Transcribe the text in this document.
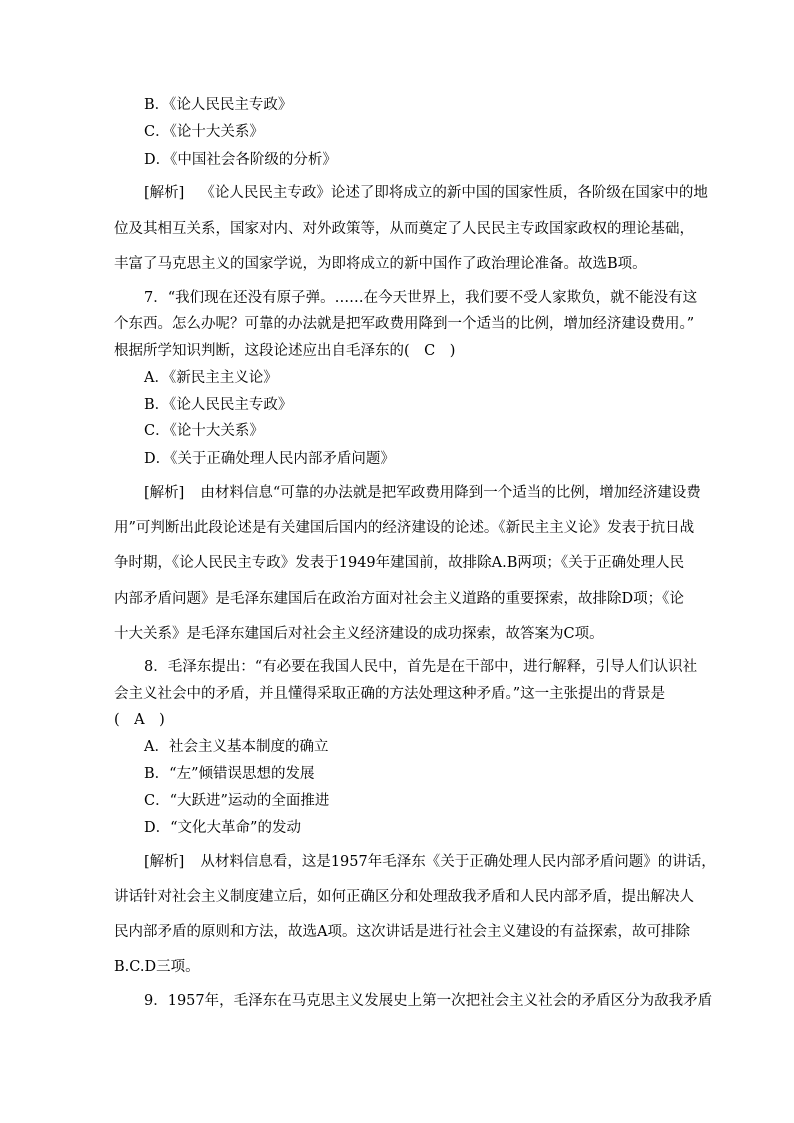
B．《论人民民主专政》
C．《论十大关系》
D．《中国社会各阶级的分析》
[解析] 《论人民民主专政》论述了即将成立的新中国的国家性质，各阶级在国家中的地
位及其相互关系，国家对内、对外政策等，从而奠定了人民民主专政国家政权的理论基础，
丰富了马克思主义的国家学说，为即将成立的新中国作了政治理论准备。故选B项。
7．“我们现在还没有原子弹。……在今天世界上，我们要不受人家欺负，就不能没有这
个东西。怎么办呢？可靠的办法就是把军政费用降到一个适当的比例，增加经济建设费用。”
根据所学知识判断，这段论述应出自毛泽东的(　C　)
A．《新民主主义论》
B．《论人民民主专政》
C．《论十大关系》
D．《关于正确处理人民内部矛盾问题》
[解析] 由材料信息“可靠的办法就是把军政费用降到一个适当的比例，增加经济建设费
用”可判断出此段论述是有关建国后国内的经济建设的论述。《新民主主义论》发表于抗日战
争时期，《论人民民主专政》发表于1949年建国前，故排除A.B两项；《关于正确处理人民
内部矛盾问题》是毛泽东建国后在政治方面对社会主义道路的重要探索，故排除D项；《论
十大关系》是毛泽东建国后对社会主义经济建设的成功探索，故答案为C项。
8．毛泽东提出：“有必要在我国人民中，首先是在干部中，进行解释，引导人们认识社
会主义社会中的矛盾，并且懂得采取正确的方法处理这种矛盾。”这一主张提出的背景是
(　A　)
A．社会主义基本制度的确立
B．“左”倾错误思想的发展
C．“大跃进”运动的全面推进
D．“文化大革命”的发动
[解析] 从材料信息看，这是1957年毛泽东《关于正确处理人民内部矛盾问题》的讲话，
讲话针对社会主义制度建立后，如何正确区分和处理敌我矛盾和人民内部矛盾，提出解决人
民内部矛盾的原则和方法，故选A项。这次讲话是进行社会主义建设的有益探索，故可排除
B.C.D三项。
9．1957年，毛泽东在马克思主义发展史上第一次把社会主义社会的矛盾区分为敌我矛盾
